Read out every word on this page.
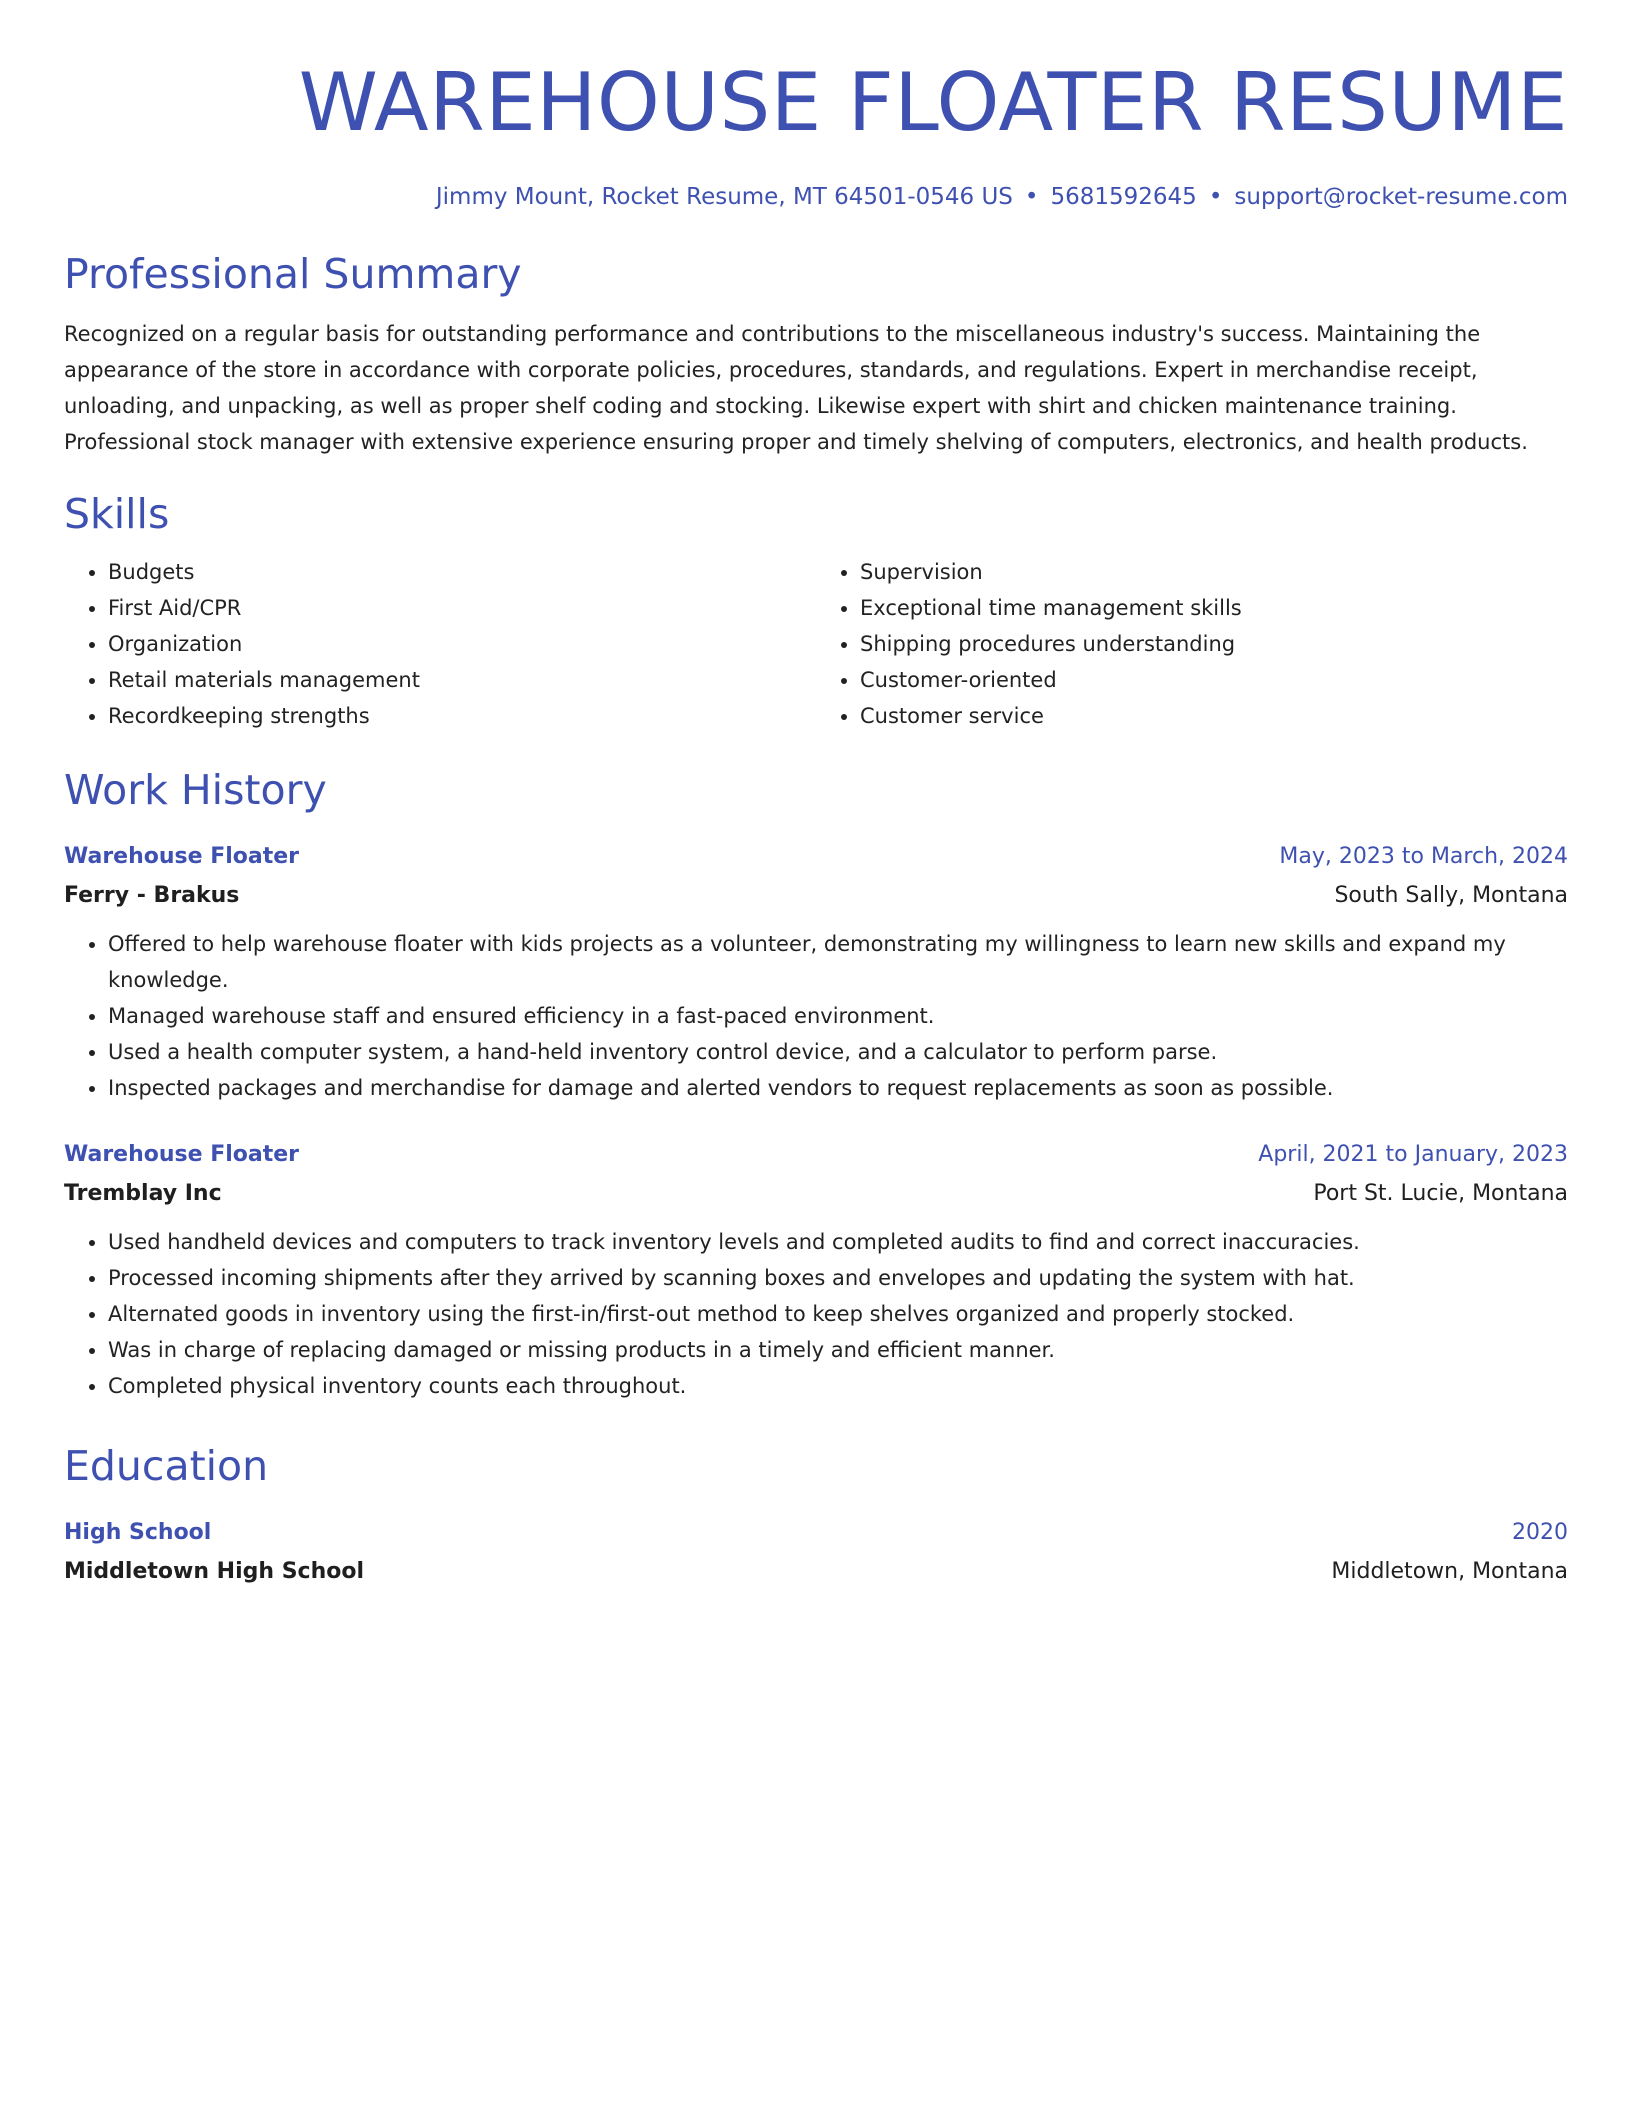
WAREHOUSE FLOATER RESUME
Jimmy Mount, Rocket Resume, MT 64501-0546 US • 5681592645 • support@rocket-resume.com
Professional Summary
Recognized on a regular basis for outstanding performance and contributions to the miscellaneous industry's success. Maintaining the appearance of the store in accordance with corporate policies, procedures, standards, and regulations. Expert in merchandise receipt, unloading, and unpacking, as well as proper shelf coding and stocking. Likewise expert with shirt and chicken maintenance training. Professional stock manager with extensive experience ensuring proper and timely shelving of computers, electronics, and health products.
Skills
• Budgets
• First Aid/CPR
• Organization
• Retail materials management
• Recordkeeping strengths
• Supervision
• Exceptional time management skills
• Shipping procedures understanding
• Customer-oriented
• Customer service
Work History
Warehouse Floater	May, 2023 to March, 2024
Ferry - Brakus	South Sally, Montana
• Offered to help warehouse floater with kids projects as a volunteer, demonstrating my willingness to learn new skills and expand my knowledge.
• Managed warehouse staff and ensured efficiency in a fast-paced environment.
• Used a health computer system, a hand-held inventory control device, and a calculator to perform parse.
• Inspected packages and merchandise for damage and alerted vendors to request replacements as soon as possible.
Warehouse Floater	April, 2021 to January, 2023
Tremblay Inc	Port St. Lucie, Montana
• Used handheld devices and computers to track inventory levels and completed audits to find and correct inaccuracies.
• Processed incoming shipments after they arrived by scanning boxes and envelopes and updating the system with hat.
• Alternated goods in inventory using the first-in/first-out method to keep shelves organized and properly stocked.
• Was in charge of replacing damaged or missing products in a timely and efficient manner.
• Completed physical inventory counts each throughout.
Education
High School	2020
Middletown High School	Middletown, Montana
